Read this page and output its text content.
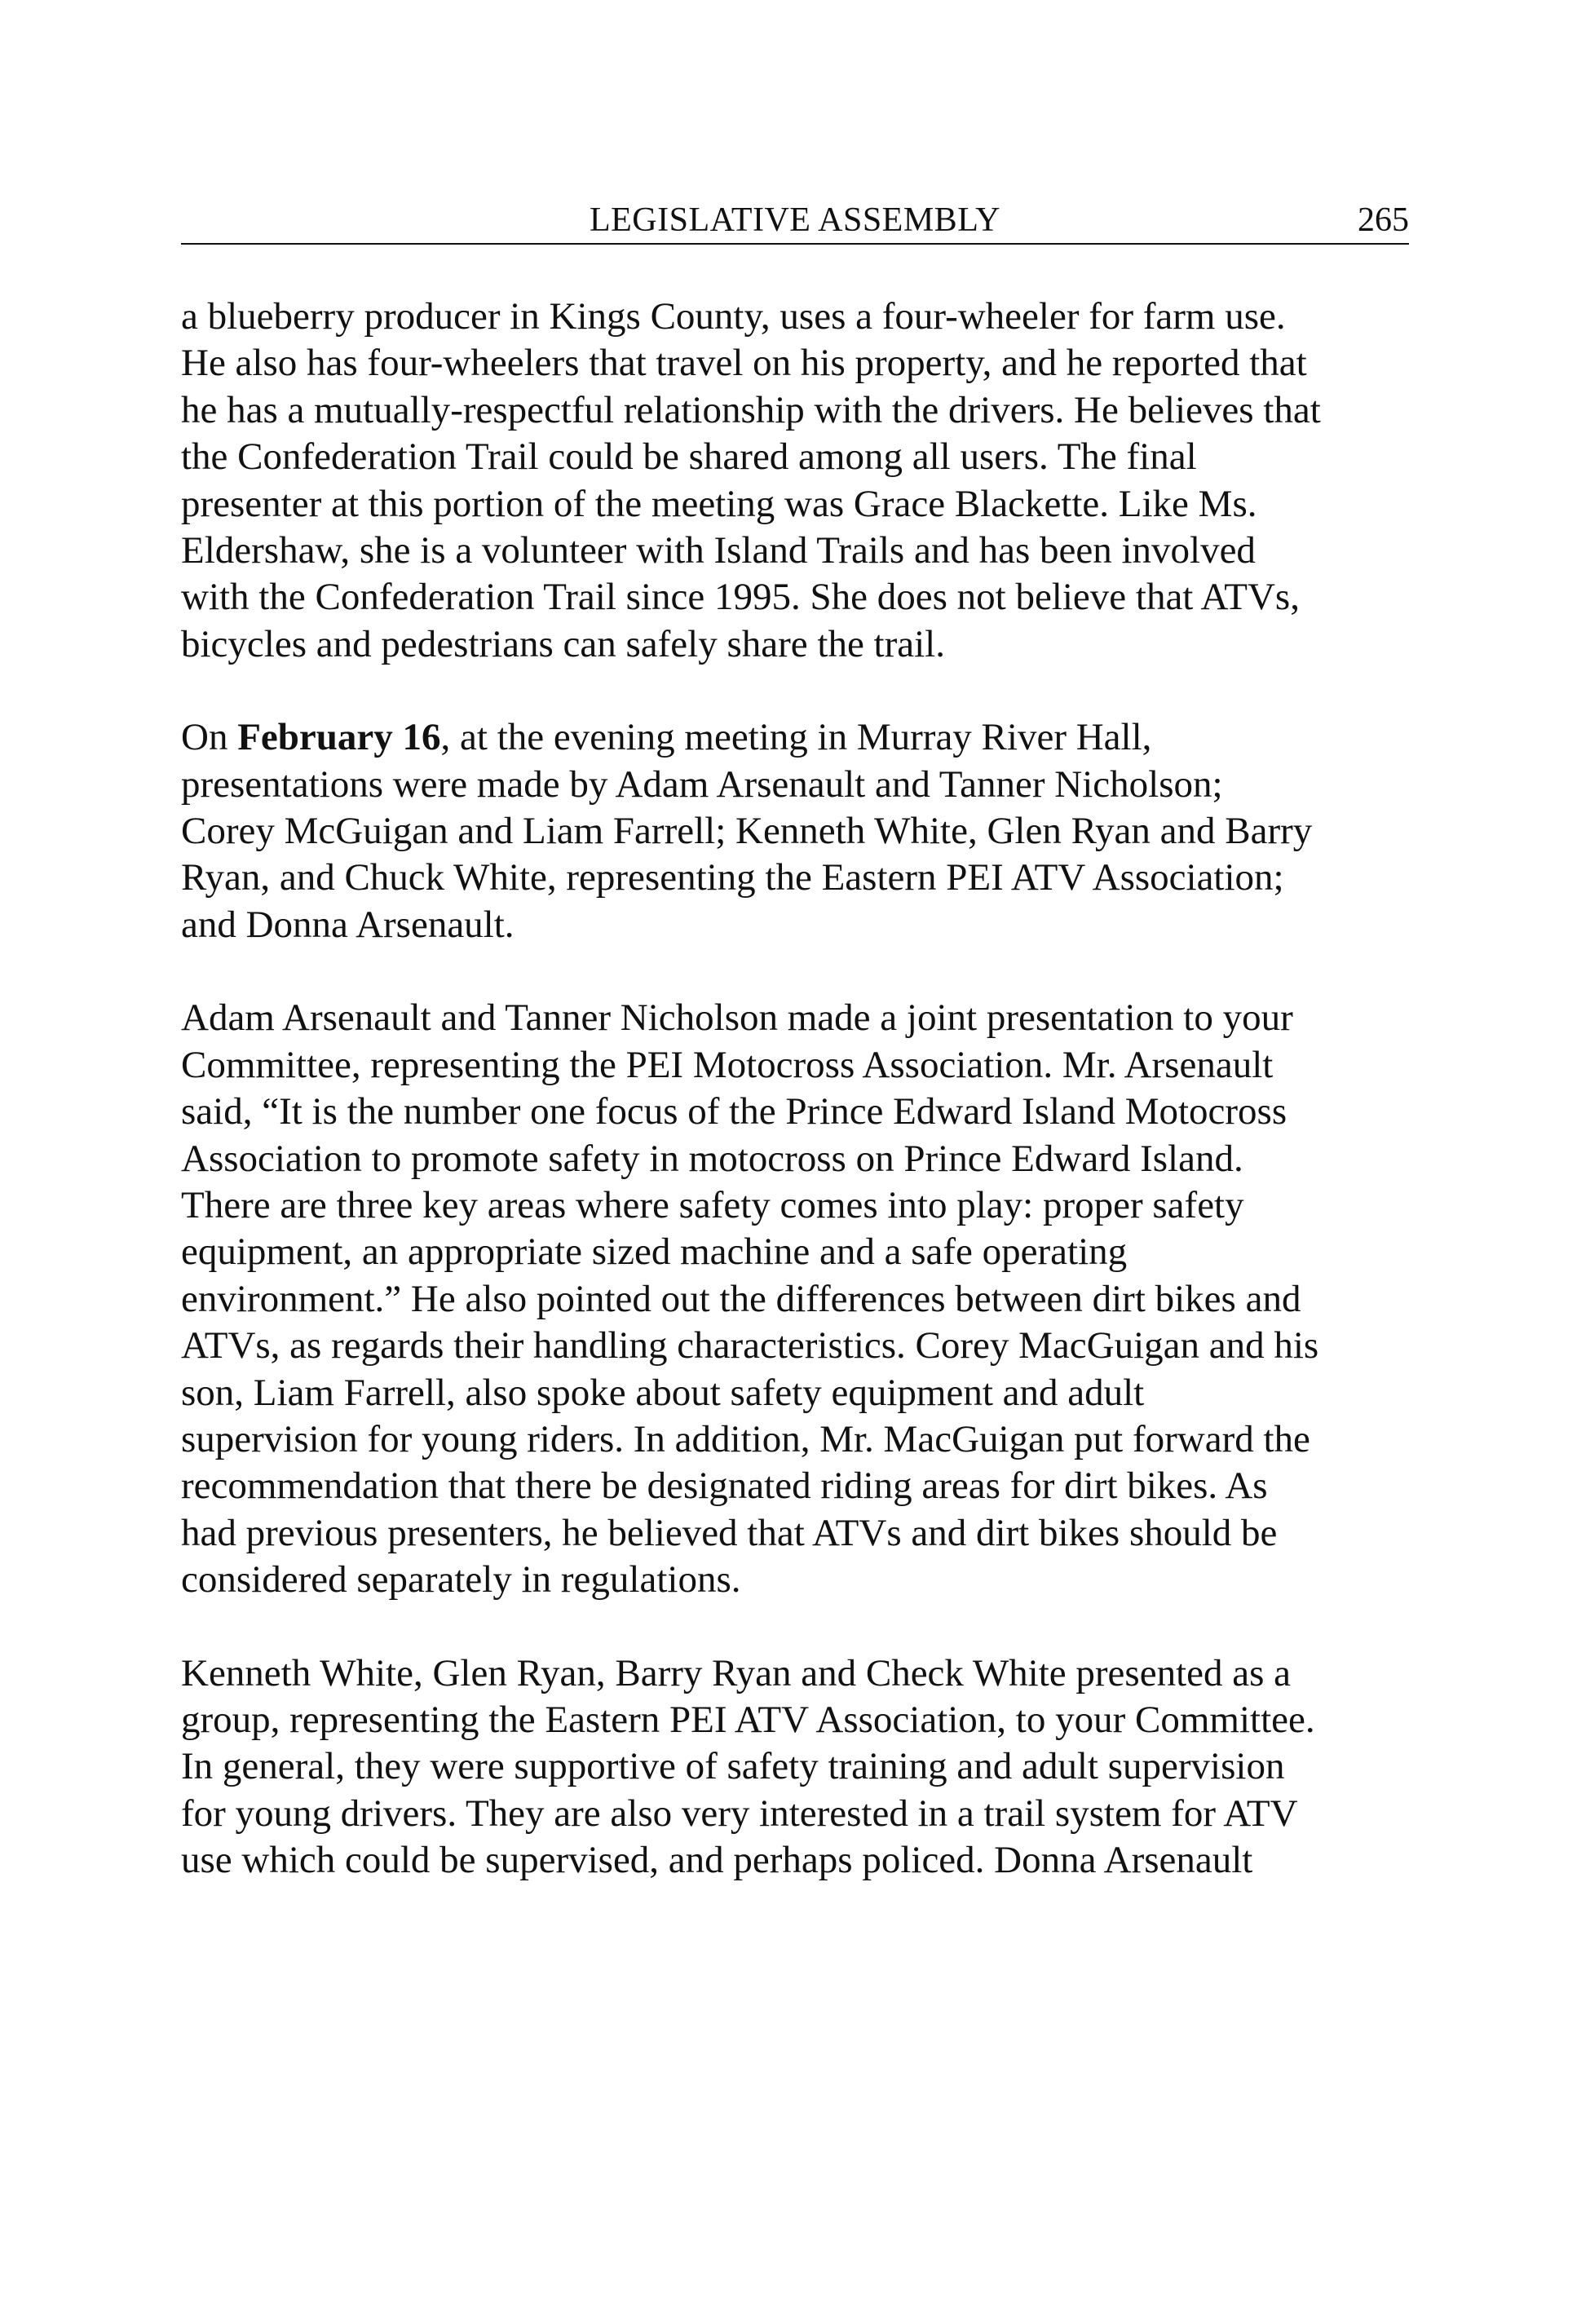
LEGISLATIVE ASSEMBLY	265

a blueberry producer in Kings County, uses a four-wheeler for farm use.
He also has four-wheelers that travel on his property, and he reported that
he has a mutually-respectful relationship with the drivers. He believes that
the Confederation Trail could be shared among all users. The final
presenter at this portion of the meeting was Grace Blackette. Like Ms.
Eldershaw, she is a volunteer with Island Trails and has been involved
with the Confederation Trail since 1995. She does not believe that ATVs,
bicycles and pedestrians can safely share the trail.

On February 16, at the evening meeting in Murray River Hall,
presentations were made by Adam Arsenault and Tanner Nicholson;
Corey McGuigan and Liam Farrell; Kenneth White, Glen Ryan and Barry
Ryan, and Chuck White, representing the Eastern PEI ATV Association;
and Donna Arsenault.

Adam Arsenault and Tanner Nicholson made a joint presentation to your
Committee, representing the PEI Motocross Association. Mr. Arsenault
said, “It is the number one focus of the Prince Edward Island Motocross
Association to promote safety in motocross on Prince Edward Island.
There are three key areas where safety comes into play: proper safety
equipment, an appropriate sized machine and a safe operating
environment.” He also pointed out the differences between dirt bikes and
ATVs, as regards their handling characteristics. Corey MacGuigan and his
son, Liam Farrell, also spoke about safety equipment and adult
supervision for young riders. In addition, Mr. MacGuigan put forward the
recommendation that there be designated riding areas for dirt bikes. As
had previous presenters, he believed that ATVs and dirt bikes should be
considered separately in regulations.

Kenneth White, Glen Ryan, Barry Ryan and Check White presented as a
group, representing the Eastern PEI ATV Association, to your Committee.
In general, they were supportive of safety training and adult supervision
for young drivers. They are also very interested in a trail system for ATV
use which could be supervised, and perhaps policed. Donna Arsenault
